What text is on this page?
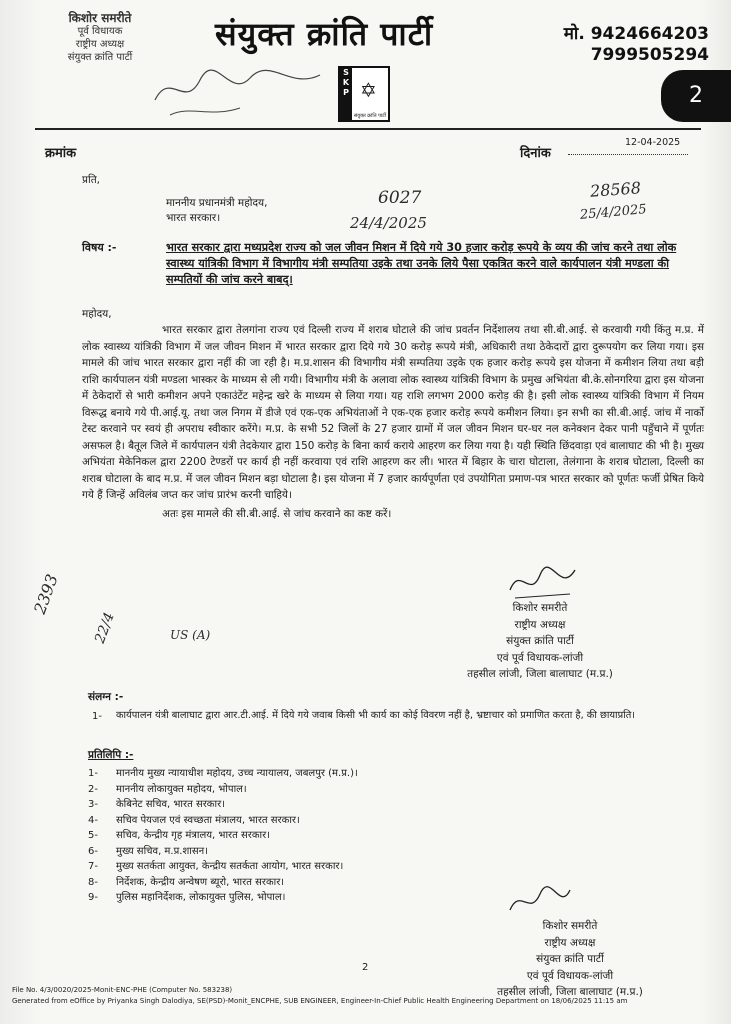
किशोर समरीते
पूर्व विधायक
राष्ट्रीय अध्यक्ष
संयुक्त क्रांति पार्टी
संयुक्त क्रांति पार्टी	मो. 9424664203
7999505294
S
K
P ✡
संयुक्त क्रांति पार्टी
2
क्रमांक	दिनांक
12-04-2025
28568
25/4/2025
प्रति,
माननीय प्रधानमंत्री महोदय,
भारत सरकार।
6027
24/4/2025
विषय :-	भारत सरकार द्वारा मध्यप्रदेश राज्य को जल जीवन मिशन में दिये गये 30 हजार करोड़ रूपये के व्यय की जांच करने तथा लोक स्वास्थ्य यांत्रिकी विभाग में विभागीय मंत्री सम्पतिया उइके तथा उनके लिये पैसा एकत्रित करने वाले कार्यपालन यंत्री मण्डला की सम्पतियों की जांच करने बाबद्।
महोदय,

भारत सरकार द्वारा तेलगांना राज्य एवं दिल्ली राज्य में शराब घोटाले की जांच प्रवर्तन निर्देशालय तथा सी.बी.आई. से करवायी गयी किंतु म.प्र. में लोक स्वास्थ्य यांत्रिकी विभाग में जल जीवन मिशन में भारत सरकार द्वारा दिये गये 30 करोड़ रूपये मंत्री, अधिकारी तथा ठेकेदारों द्वारा दुरूपयोग कर लिया गया। इस मामले की जांच भारत सरकार द्वारा नहीं की जा रही है। म.प्र.शासन की विभागीय मंत्री सम्पतिया उइके एक हजार करोड़ रूपये इस योजना में कमीशन लिया तथा बड़ी राशि कार्यपालन यंत्री मण्डला भास्कर के माध्यम से ली गयी। विभागीय मंत्री के अलावा लोक स्वास्थ्य यांत्रिकी विभाग के प्रमुख अभियंता बी.के.सोनगरिया द्वारा इस योजना में ठेकेदारों से भारी कमीशन अपने एकाउंटेंट महेन्द्र खरे के माध्यम से लिया गया। यह राशि लगभग 2000 करोड़ की है। इसी लोक स्वास्थ्य यांत्रिकी विभाग में नियम विरूद्ध बनाये गये पी.आई.यू. तथा जल निगम में डीजे एवं एक-एक अभियंताओं ने एक-एक हजार करोड़ रूपये कमीशन लिया। इन सभी का सी.बी.आई. जांच में नार्को टेस्ट करवाने पर स्वयं ही अपराध स्वीकार करेंगे। म.प्र. के सभी 52 जिलों के 27 हजार ग्रामों में जल जीवन मिशन घर-घर नल कनेक्शन देकर पानी पहुँचाने में पूर्णतः असफल है। बैतूल जिले में कार्यपालन यंत्री तेदकेयार द्वारा 150 करोड़ के बिना कार्य कराये आहरण कर लिया गया है। यही स्थिति छिंदवाड़ा एवं बालाघाट की भी है। मुख्य अभियंता मेकेनिकल द्वारा 2200 टेण्डरों पर कार्य ही नहीं करवाया एवं राशि आहरण कर ली। भारत में बिहार के चारा घोटाला, तेलंगाना के शराब घोटाला, दिल्ली का शराब घोटाला के बाद म.प्र. में जल जीवन मिशन बड़ा घोटाला है। इस योजना में 7 हजार कार्यपूर्णता एवं उपयोगिता प्रमाण-पत्र भारत सरकार को पूर्णतः फर्जी प्रेषित किये गये हैं जिन्हें अविलंब जप्त कर जांच प्रारंभ करनी चाहिये।

अतः इस मामले की सी.बी.आई. से जांच करवाने का कष्ट करें।

2393
22/4	US (A)
किशोर समरीते
राष्ट्रीय अध्यक्ष
संयुक्त क्रांति पार्टी
एवं पूर्व विधायक-लांजी
तहसील लांजी, जिला बालाघाट (म.प्र.)
संलग्न :-
1- कार्यपालन यंत्री बालाघाट द्वारा आर.टी.आई. में दिये गये जवाब किसी भी कार्य का कोई विवरण नहीं है, भ्रष्टाचार को प्रमाणित करता है, की छायाप्रति।
प्रतिलिपि :-
1-	माननीय मुख्य न्यायाधीश महोदय, उच्च न्यायालय, जबलपुर (म.प्र.)।
2-	माननीय लोकायुक्त महोदय, भोपाल।
3-	केबिनेट सचिव, भारत सरकार।
4-	सचिव पेयजल एवं स्वच्छता मंत्रालय, भारत सरकार।
5-	सचिव, केन्द्रीय गृह मंत्रालय, भारत सरकार।
6-	मुख्य सचिव, म.प्र.शासन।
7-	मुख्य सतर्कता आयुक्त, केन्द्रीय सतर्कता आयोग, भारत सरकार।
8-	निर्देशक, केन्द्रीय अन्वेषण ब्यूरो, भारत सरकार।
9-	पुलिस महानिर्देशक, लोकायुक्त पुलिस, भोपाल।
किशोर समरीते
राष्ट्रीय अध्यक्ष
संयुक्त क्रांति पार्टी
एवं पूर्व विधायक-लांजी
तहसील लांजी, जिला बालाघाट (म.प्र.)
2
File No. 4/3/0020/2025-Monit-ENC-PHE (Computer No. 583238)
Generated from eOffice by Priyanka Singh Dalodiya, SE(PSD)-Monit_ENCPHE, SUB ENGINEER, Engineer-In-Chief Public Health Engineering Department on 18/06/2025 11:15 am
